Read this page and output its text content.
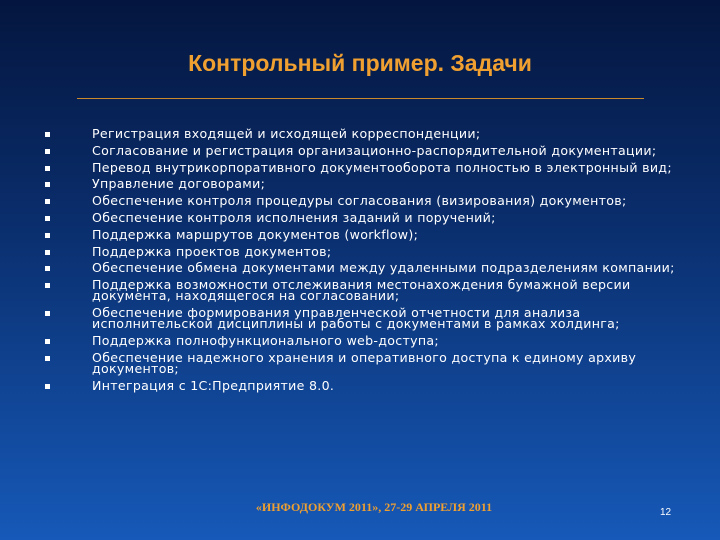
Контрольный пример. Задачи
Регистрация входящей и исходящей корреспонденции;
Согласование и регистрация организационно-распорядительной документации;
Перевод внутрикорпоративного документооборота полностью в электронный вид;
Управление договорами;
Обеспечение контроля процедуры согласования (визирования) документов;
Обеспечение контроля исполнения заданий и поручений;
Поддержка маршрутов документов (workflow);
Поддержка проектов документов;
Обеспечение обмена документами между удаленными подразделениям компании;
Поддержка возможности отслеживания местонахождения бумажной версии документа, находящегося на согласовании;
Обеспечение формирования управленческой отчетности для анализа исполнительской дисциплины и работы с документами в рамках холдинга;
Поддержка полнофункционального web-доступа;
Обеспечение надежного хранения и оперативного доступа к единому архиву документов;
Интеграция с 1С:Предприятие 8.0.
«ИНФОДОКУМ 2011», 27-29 АПРЕЛЯ 2011	12
